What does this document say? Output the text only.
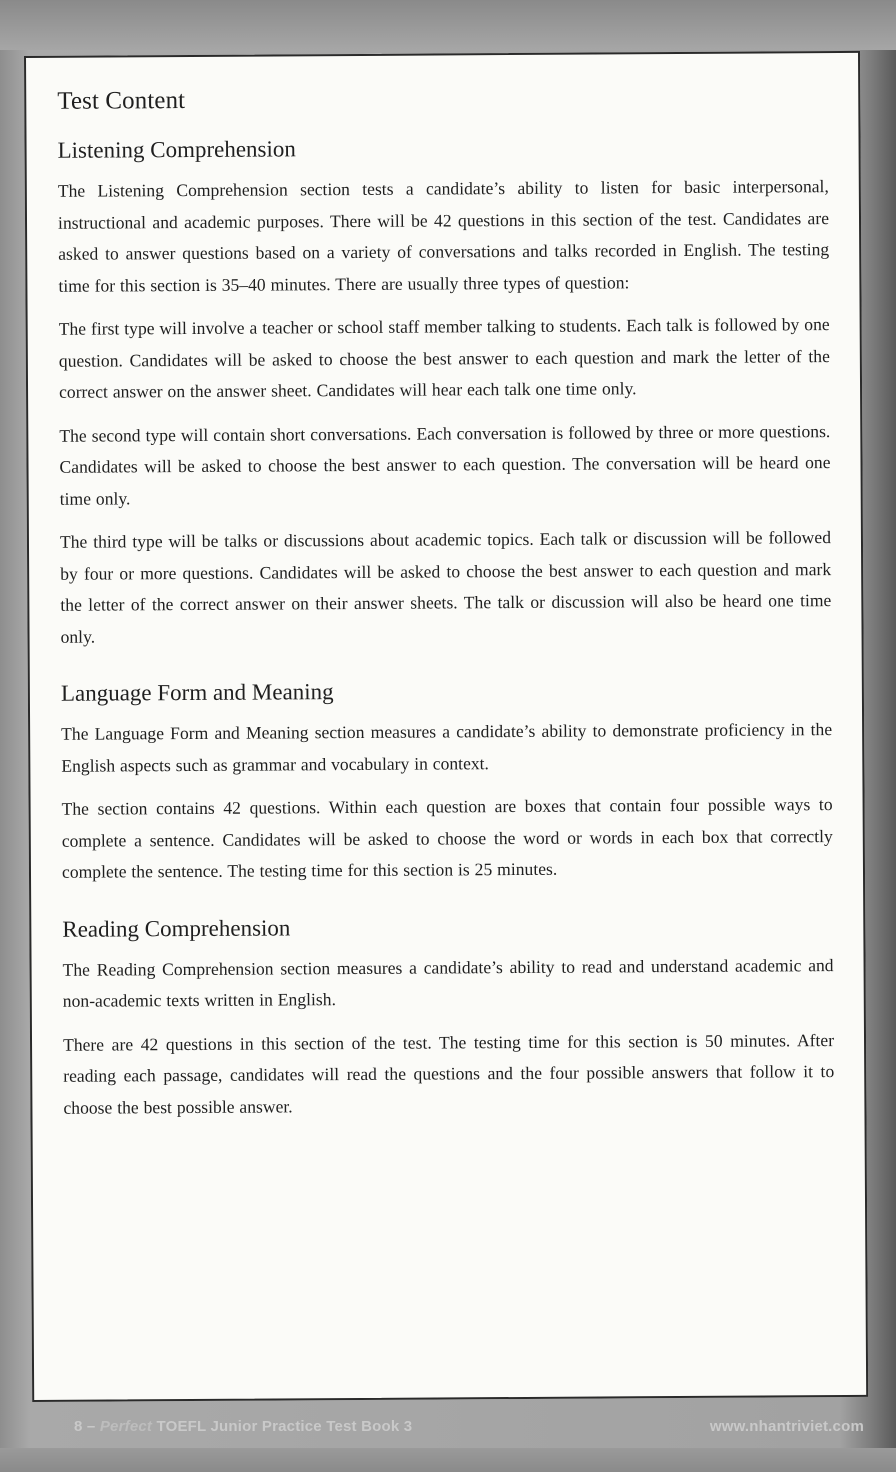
Test Content
Listening Comprehension

The Listening Comprehension section tests a candidate’s ability to listen for basic interpersonal, instructional and academic purposes. There will be 42 questions in this section of the test. Candidates are asked to answer questions based on a variety of conversations and talks recorded in English. The testing time for this section is 35–40 minutes. There are usually three types of question:

The first type will involve a teacher or school staff member talking to students. Each talk is followed by one question. Candidates will be asked to choose the best answer to each question and mark the letter of the correct answer on the answer sheet. Candidates will hear each talk one time only.

The second type will contain short conversations. Each conversation is followed by three or more questions. Candidates will be asked to choose the best answer to each question. The conversation will be heard one time only.

The third type will be talks or discussions about academic topics. Each talk or discussion will be followed by four or more questions. Candidates will be asked to choose the best answer to each question and mark the letter of the correct answer on their answer sheets. The talk or discussion will also be heard one time only.

Language Form and Meaning

The Language Form and Meaning section measures a candidate’s ability to demonstrate proficiency in the English aspects such as grammar and vocabulary in context.

The section contains 42 questions. Within each question are boxes that contain four possible ways to complete a sentence. Candidates will be asked to choose the word or words in each box that correctly complete the sentence. The testing time for this section is 25 minutes.

Reading Comprehension

The Reading Comprehension section measures a candidate’s ability to read and understand academic and non-academic texts written in English.

There are 42 questions in this section of the test. The testing time for this section is 50 minutes. After reading each passage, candidates will read the questions and the four possible answers that follow it to choose the best possible answer.

8 – Perfect TOEFL Junior Practice Test Book 3	www.nhantriviet.com
